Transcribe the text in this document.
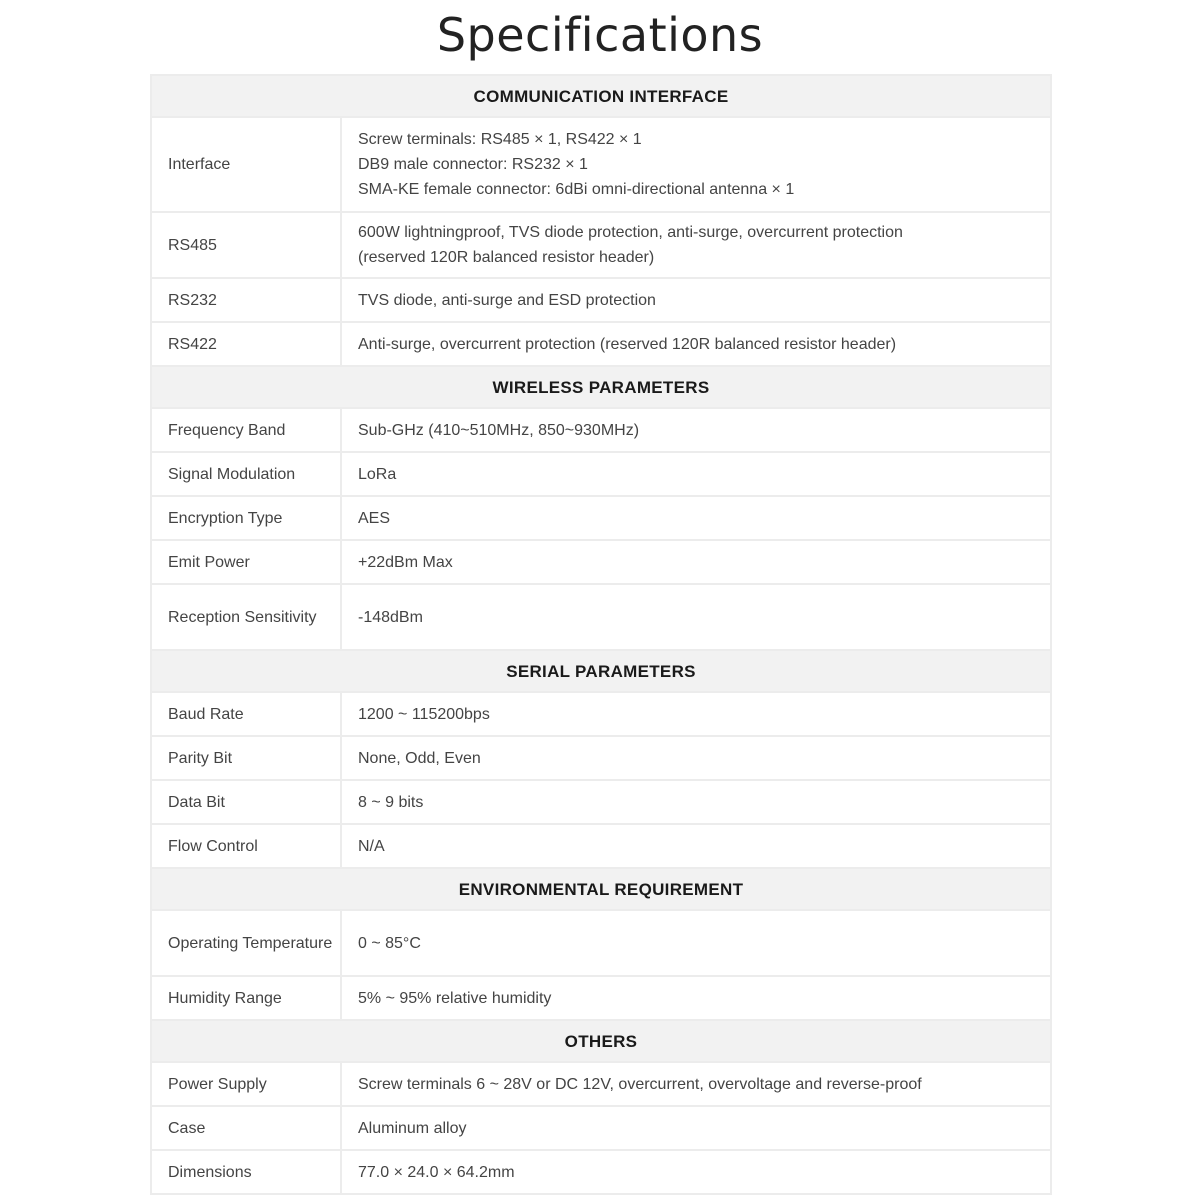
Specifications
COMMUNICATION INTERFACE	
Interface	Screw terminals: RS485 × 1, RS422 × 1
DB9 male connector: RS232 × 1
SMA-KE female connector: 6dBi omni-directional antenna × 1

RS485	600W lightningproof, TVS diode protection, anti-surge, overcurrent protection
(reserved 120R balanced resistor header)

RS232	TVS diode, anti-surge and ESD protection

RS422	Anti-surge, overcurrent protection (reserved 120R balanced resistor header)

WIRELESS PARAMETERS	
Frequency Band	Sub-GHz (410~510MHz, 850~930MHz)

Signal Modulation	LoRa

Encryption Type	AES

Emit Power	+22dBm Max

Reception Sensitivity	-148dBm

SERIAL PARAMETERS	
Baud Rate	1200 ~ 115200bps

Parity Bit	None, Odd, Even

Data Bit	8 ~ 9 bits

Flow Control	N/A

ENVIRONMENTAL REQUIREMENT	
Operating Temperature	0 ~ 85°C

Humidity Range	5% ~ 95% relative humidity

OTHERS	
Power Supply	Screw terminals 6 ~ 28V or DC 12V, overcurrent, overvoltage and reverse-proof

Case	Aluminum alloy

Dimensions	77.0 × 24.0 × 64.2mm
